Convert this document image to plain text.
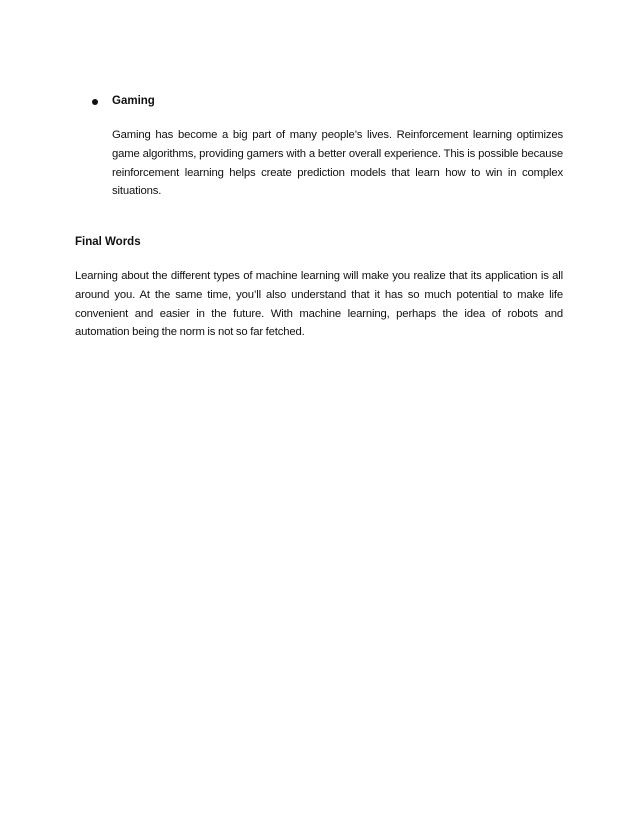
Gaming
Gaming has become a big part of many people’s lives. Reinforcement learning optimizes game algorithms, providing gamers with a better overall experience. This is possible because reinforcement learning helps create prediction models that learn how to win in complex situations.
Final Words
Learning about the different types of machine learning will make you realize that its application is all around you. At the same time, you’ll also understand that it has so much potential to make life convenient and easier in the future. With machine learning, perhaps the idea of robots and automation being the norm is not so far fetched.
